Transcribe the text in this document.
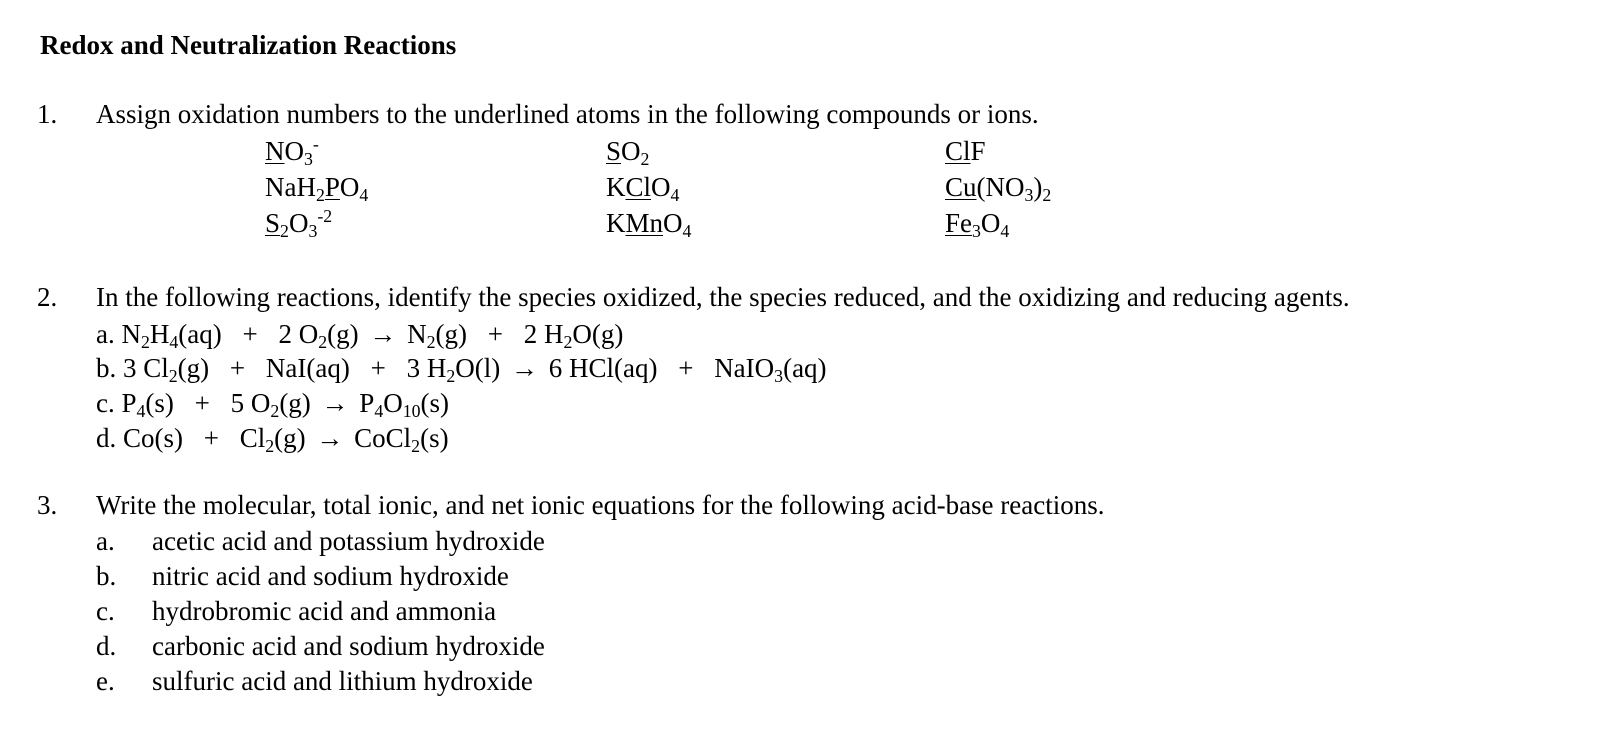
Redox and Neutralization Reactions
1. Assign oxidation numbers to the underlined atoms in the following compounds or ions.
$NO_3^-$	$SO_2$	ClF
$NaH_2PO_4$	KClO$_4$	$Cu(NO_3)_2$
$S_2O_3^{-2}$	KMnO$_4$	$Fe_3O_4$
2. In the following reactions, identify the species oxidized, the species reduced, and the oxidizing and reducing agents.
a. $N_2H_4(aq) + 2$ $O_2(g) \to N_2(g) + 2$ $H_2O(g)$
b. 3 $Cl_2(g) + NaI(aq) + 3$ $H_2O(l) \to 6$ HCl(aq) + NaIO$_3$(aq)
c. $P_4(s) + 5$ $O_2(g) \to P_4O_{10}(s)$
d. $Co(s) + Cl_2(g)$ → CoCl$_2$(s)
3. Write the molecular, total ionic, and net ionic equations for the following acid-base reactions.
a. acetic acid and potassium hydroxide
b. nitric acid and sodium hydroxide
c. hydrobromic acid and ammonia
d. carbonic acid and sodium hydroxide
e. sulfuric acid and lithium hydroxide
